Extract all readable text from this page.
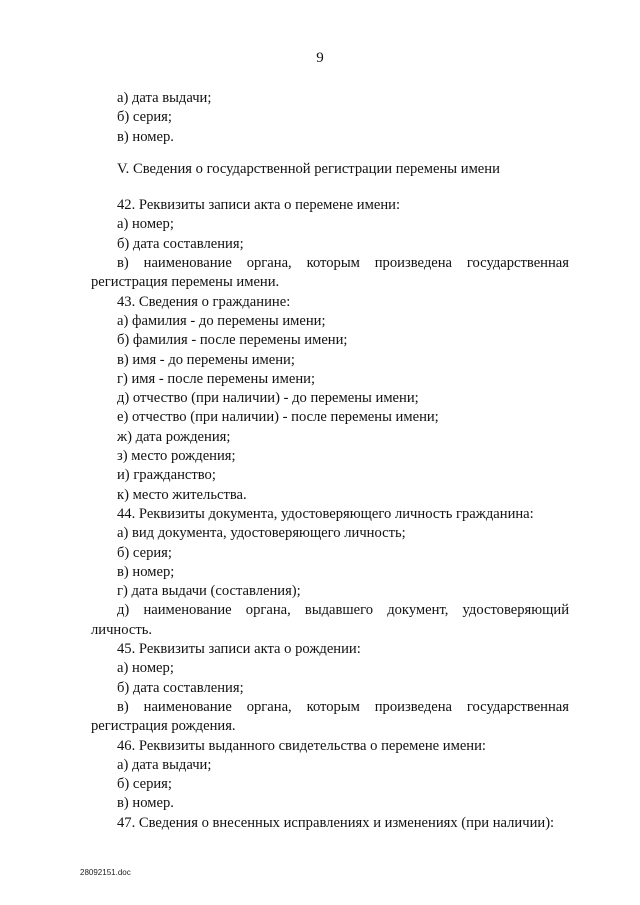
9
а) дата выдачи;
б) серия;
в) номер.
V. Сведения о государственной регистрации перемены имени
42. Реквизиты записи акта о перемене имени:
а) номер;
б) дата составления;
в) наименование органа, которым произведена государственная регистрация перемены имени.
43. Сведения о гражданине:
а) фамилия - до перемены имени;
б) фамилия - после перемены имени;
в) имя - до перемены имени;
г) имя - после перемены имени;
д) отчество (при наличии) - до перемены имени;
е) отчество (при наличии) - после перемены имени;
ж) дата рождения;
з) место рождения;
и) гражданство;
к) место жительства.
44. Реквизиты документа, удостоверяющего личность гражданина:
а) вид документа, удостоверяющего личность;
б) серия;
в) номер;
г) дата выдачи (составления);
д) наименование органа, выдавшего документ, удостоверяющий личность.
45. Реквизиты записи акта о рождении:
а) номер;
б) дата составления;
в) наименование органа, которым произведена государственная регистрация рождения.
46. Реквизиты выданного свидетельства о перемене имени:
а) дата выдачи;
б) серия;
в) номер.
47. Сведения о внесенных исправлениях и изменениях (при наличии):
28092151.doc
